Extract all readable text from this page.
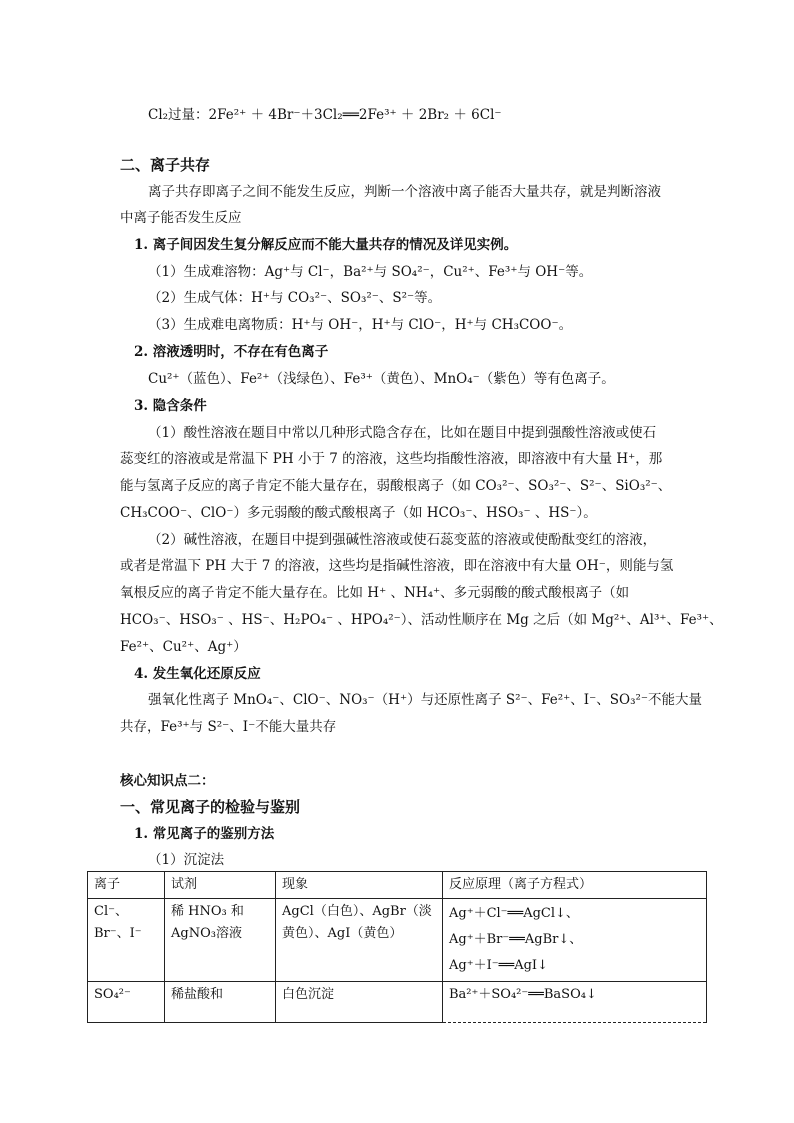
Cl₂过量：2Fe²⁺ ＋ 4Br⁻＋3Cl₂══2Fe³⁺ ＋ 2Br₂ ＋ 6Cl⁻
二、离子共存
离子共存即离子之间不能发生反应，判断一个溶液中离子能否大量共存，就是判断溶液
中离子能否发生反应
1. 离子间因发生复分解反应而不能大量共存的情况及详见实例。
（1）生成难溶物：Ag⁺与 Cl⁻，Ba²⁺与 SO₄²⁻，Cu²⁺、Fe³⁺与 OH⁻等。
（2）生成气体：H⁺与 CO₃²⁻、SO₃²⁻、S²⁻等。
（3）生成难电离物质：H⁺与 OH⁻，H⁺与 ClO⁻，H⁺与 CH₃COO⁻。
2. 溶液透明时，不存在有色离子
Cu²⁺（蓝色）、Fe²⁺（浅绿色）、Fe³⁺（黄色）、MnO₄⁻（紫色）等有色离子。
3. 隐含条件
（1）酸性溶液在题目中常以几种形式隐含存在，比如在题目中提到强酸性溶液或使石
蕊变红的溶液或是常温下 PH 小于 7 的溶液，这些均指酸性溶液，即溶液中有大量 H⁺，那
能与氢离子反应的离子肯定不能大量存在，弱酸根离子（如 CO₃²⁻、SO₃²⁻、S²⁻、SiO₃²⁻、
CH₃COO⁻、ClO⁻）多元弱酸的酸式酸根离子（如 HCO₃⁻、HSO₃⁻ 、HS⁻）。
（2）碱性溶液，在题目中提到强碱性溶液或使石蕊变蓝的溶液或使酚酞变红的溶液，
或者是常温下 PH 大于 7 的溶液，这些均是指碱性溶液，即在溶液中有大量 OH⁻，则能与氢
氧根反应的离子肯定不能大量存在。比如 H⁺ 、NH₄⁺、多元弱酸的酸式酸根离子（如
HCO₃⁻、HSO₃⁻ 、HS⁻、H₂PO₄⁻ 、HPO₄²⁻）、活动性顺序在 Mg 之后（如 Mg²⁺、Al³⁺、Fe³⁺、
Fe²⁺、Cu²⁺、Ag⁺）
4. 发生氧化还原反应
强氧化性离子 MnO₄⁻、ClO⁻、NO₃⁻（H⁺）与还原性离子 S²⁻、Fe²⁺、I⁻、SO₃²⁻不能大量
共存，Fe³⁺与 S²⁻、I⁻不能大量共存
核心知识点二：
一、常见离子的检验与鉴别
1. 常见离子的鉴别方法
（1）沉淀法
离子	试剂	现象	反应原理（离子方程式）
Cl⁻、Br⁻、I⁻	稀 HNO₃ 和 AgNO₃溶液	AgCl（白色）、AgBr（淡黄色）、AgI（黄色）	Ag⁺＋Cl⁻══AgCl↓、
Ag⁺＋Br⁻══AgBr↓、
Ag⁺＋I⁻══AgI↓

SO₄²⁻	稀盐酸和	白色沉淀	Ba²⁺＋SO₄²⁻══BaSO₄↓
